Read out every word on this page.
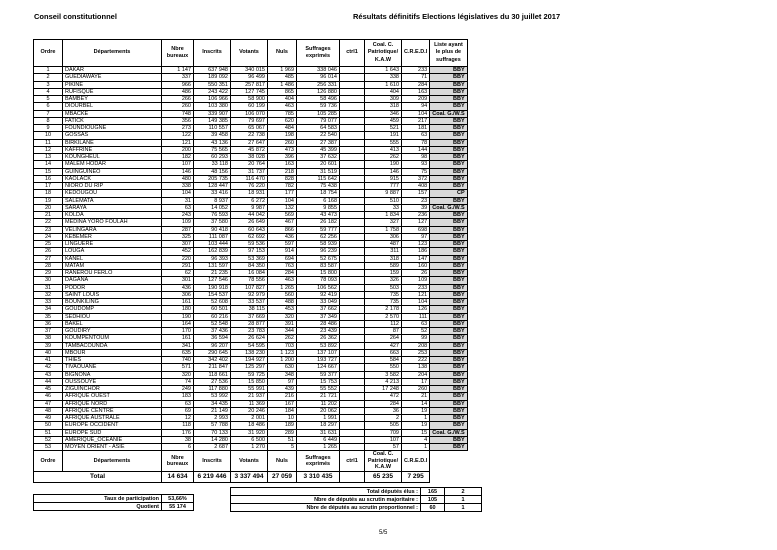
Conseil constitutionnel	Résultats définitifs Elections législatives du 30 juillet 2017
Ordre	Départements	Nbre bureaux	Inscrits	Votants	Nuls	Suffrages exprimés	ctrl1	Coal. C. Patriotique/ K.A.W	C.R.E.D.I	Liste ayant le plus de suffrages
1	DAKAR	1 147	637 948	340 015	1 969	338 046		1 643	233	BBY
2	GUEDIAWAYE	337	189 092	96 499	485	96 014		338	71	BBY
3	PIKINE	966	550 351	257 817	1 486	256 331		1 610	284	BBY
4	RUFISQUE	486	243 422	127 745	865	126 880		404	163	BBY
5	BAMBEY	266	106 966	58 900	404	58 496		309	209	BBY
6	DIOURBEL	260	103 380	60 199	463	59 736		318	94	BBY
7	MBACKE	748	339 907	106 070	785	105 285		346	104	Coal. G./W.S
8	FATICK	356	149 385	79 697	620	79 077		459	217	BBY
9	FOUNDIOUGNE	273	110 557	65 067	484	64 583		521	181	BBY
10	GOSSAS	122	39 458	22 738	198	22 540		191	63	BBY
11	BIRKILANE	121	43 136	27 647	260	27 387		555	78	BBY
12	KAFFRINE	200	75 565	45 872	473	45 399		413	144	BBY
13	KOUNGHEUL	182	60 293	38 028	396	37 632		262	98	BBY
14	MALEM HODAR	107	33 118	20 764	163	20 601		190	93	BBY
15	GUINGUINEO	146	48 156	31 737	218	31 519		146	75	BBY
16	KAOLACK	480	205 735	116 470	828	115 642		915	372	BBY
17	NIORO DU RIP	338	128 447	76 220	782	75 438		777	408	BBY
18	KEDOUGOU	104	33 416	18 931	177	18 754		9 887	157	CP
19	SALEMATA	31	8 937	6 272	104	6 168		510	23	BBY
20	SARAYA	63	14 052	9 987	132	9 855		33	39	Coal. G./W.S
21	KOLDA	243	76 593	44 042	569	43 473		1 834	236	BBY
22	MEDINA YORO FOULAH	109	37 580	26 649	467	26 182		327	127	BBY
23	VELINGARA	287	90 418	60 643	866	59 777		1 758	698	BBY
24	KEBEMER	325	111 087	62 692	436	62 256		306	97	BBY
25	LINGUERE	307	103 444	59 536	597	58 939		487	123	BBY
26	LOUGA	452	162 839	97 153	914	96 239		311	186	BBY
27	KANEL	220	96 393	53 369	694	52 675		318	147	BBY
28	MATAM	291	131 597	84 350	763	83 587		589	160	BBY
29	RANEROU FERLO	62	21 235	16 084	284	15 800		159	26	BBY
30	DAGANA	301	127 546	78 556	463	78 093		326	109	BBY
31	PODOR	436	190 918	107 827	1 265	106 562		503	233	BBY
32	SAINT LOUIS	306	154 537	92 979	560	92 419		735	121	BBY
33	BOUNKILING	161	52 608	33 537	488	33 049		735	104	BBY
34	GOUDOMP	180	60 501	38 115	453	37 662		2 178	126	BBY
35	SEDHIOU	190	60 216	37 669	320	37 349		2 570	111	BBY
36	BAKEL	164	52 548	28 877	391	28 486		112	63	BBY
37	GOUDIRY	170	37 436	23 783	344	23 439		87	52	BBY
38	KOUMPENTOUM	161	36 594	26 624	262	26 362		264	99	BBY
39	TAMBACOUNDA	341	96 207	54 595	703	53 892		427	208	BBY
40	MBOUR	635	290 645	138 230	1 123	137 107		663	253	BBY
41	THIES	740	342 402	194 927	1 200	193 727		584	222	BBY
42	TIVAOUANE	571	211 847	125 297	630	124 667		550	138	BBY
43	BIGNONA	320	118 661	59 725	348	59 377		3 582	204	BBY
44	OUSSOUYE	74	27 536	15 850	97	15 753		4 213	17	BBY
45	ZIGUINCHOR	249	117 880	55 991	439	55 552		17 248	260	BBY
46	AFRIQUE OUEST	183	53 992	21 937	216	21 721		472	21	BBY
47	AFRIQUE NORD	63	34 435	11 369	167	11 202		284	14	BBY
48	AFRIQUE CENTRE	69	21 149	20 246	184	20 062		36	19	BBY
49	AFRIQUE AUSTRALE	12	2 993	2 001	10	1 991		2	1	BBY
50	EUROPE OCCIDENT	118	57 788	18 486	189	18 297		505	19	BBY
51	EUROPE SUD	176	70 133	31 920	289	31 631		709	15	Coal. G./W.S
52	AMERIQUE_OCEANIE	38	14 280	6 500	51	6 449		107	4	BBY
53	MOYEN ORIENT - ASIE	6	2 687	1 270	5	1 265		57	1	BBY
Ordre	Départements	Nbre bureaux	Inscrits	Votants	Nuls	Suffrages exprimés	ctrl1	Coal. C. Patriotique/ K.A.W	C.R.E.D.I	
Total		14 634	6 219 446	3 337 494	27 059	3 310 435		65 235	7 295	
Total députés élus :	165	2
Nbre de députés au scrutin majoritaire :	105	1
Nbre de députés au scrutin proportionnel :	60	1
Taux de participation	53,66%
Quotient	55 174
5/5
